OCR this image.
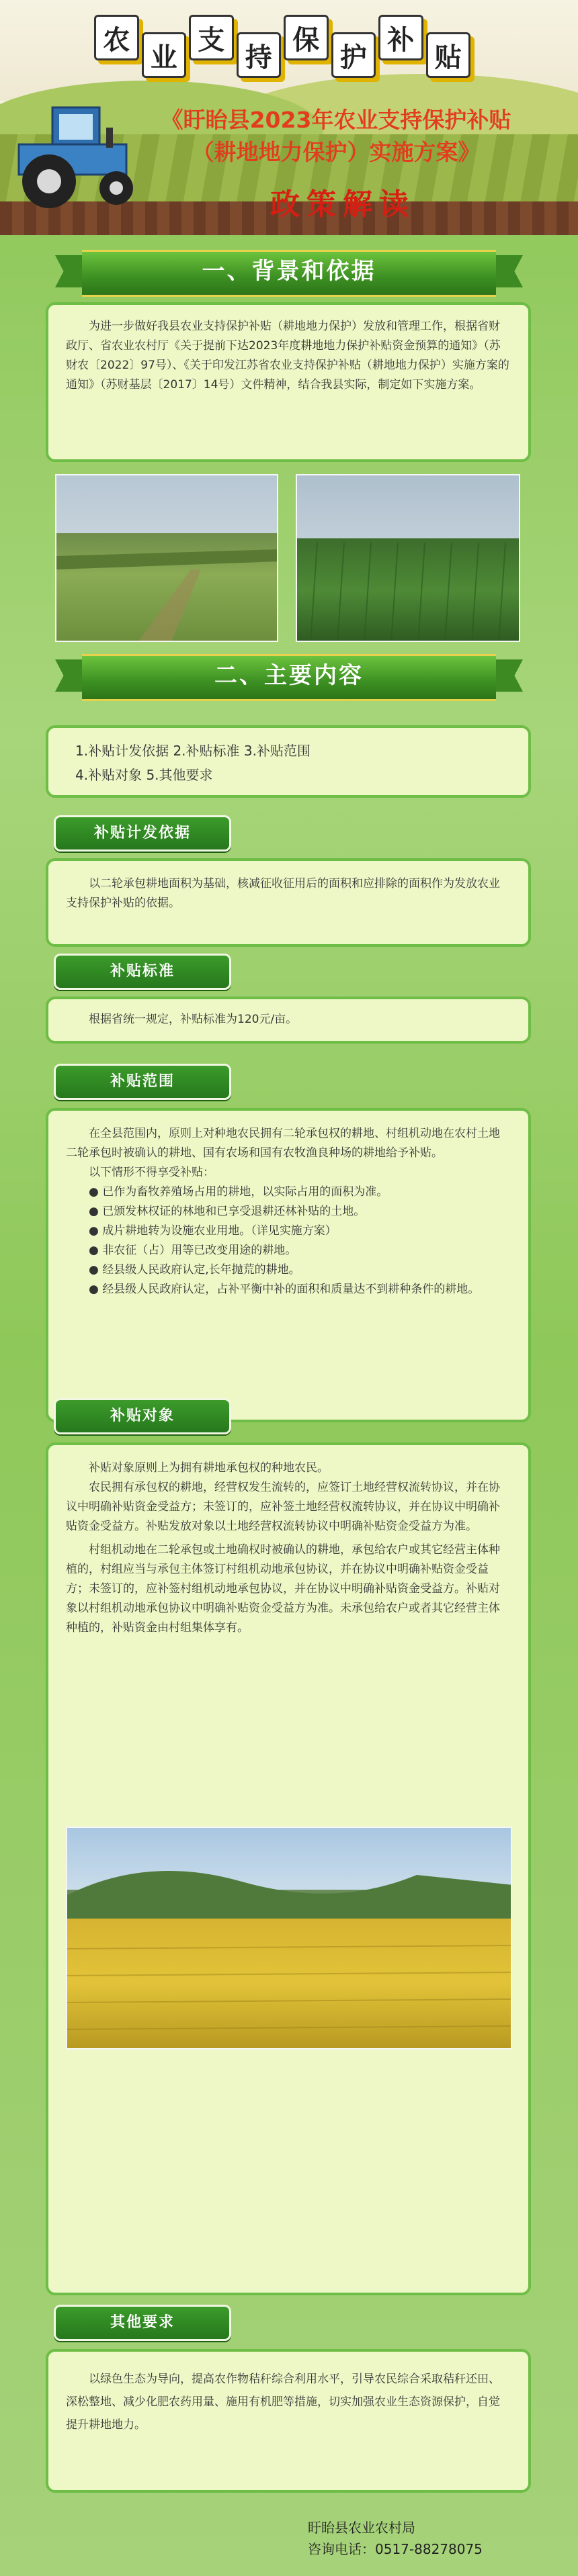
农
业
支
持
保
护
补
贴
《盱眙县2023年农业支持保护补贴
（耕地地力保护）实施方案》
政策解读
一、背景和依据

为进一步做好我县农业支持保护补贴（耕地地力保护）发放和管理工作，根据省财政厅、省农业农村厅《关于提前下达2023年度耕地地力保护补贴资金预算的通知》（苏财农〔2022〕97号）、《关于印发江苏省农业支持保护补贴（耕地地力保护）实施方案的通知》（苏财基层〔2017〕14号）文件精神，结合我县实际，制定如下实施方案。

二、主要内容
1.补贴计发依据 2.补贴标准 3.补贴范围
4.补贴对象 5.其他要求
补贴计发依据

以二轮承包耕地面积为基础，核减征收征用后的面积和应排除的面积作为发放农业支持保护补贴的依据。

补贴标准

根据省统一规定，补贴标准为120元/亩。

补贴范围

在全县范围内，原则上对种地农民拥有二轮承包权的耕地、村组机动地在农村土地二轮承包时被确认的耕地、国有农场和国有农牧渔良种场的耕地给予补贴。

以下情形不得享受补贴：

● 已作为畜牧养殖场占用的耕地，以实际占用的面积为准。

● 已颁发林权证的林地和已享受退耕还林补贴的土地。

● 成片耕地转为设施农业用地。（详见实施方案）

● 非农征（占）用等已改变用途的耕地。

● 经县级人民政府认定,长年抛荒的耕地。

● 经县级人民政府认定，占补平衡中补的面积和质量达不到耕种条件的耕地。

补贴对象

补贴对象原则上为拥有耕地承包权的种地农民。

农民拥有承包权的耕地，经营权发生流转的，应签订土地经营权流转协议，并在协议中明确补贴资金受益方；未签订的，应补签土地经营权流转协议，并在协议中明确补贴资金受益方。补贴发放对象以土地经营权流转协议中明确补贴资金受益方为准。

村组机动地在二轮承包或土地确权时被确认的耕地，承包给农户或其它经营主体种植的，村组应当与承包主体签订村组机动地承包协议，并在协议中明确补贴资金受益方；未签订的，应补签村组机动地承包协议，并在协议中明确补贴资金受益方。补贴对象以村组机动地承包协议中明确补贴资金受益方为准。未承包给农户或者其它经营主体种植的，补贴资金由村组集体享有。

其他要求

以绿色生态为导向，提高农作物秸秆综合利用水平，引导农民综合采取秸秆还田、深松整地、减少化肥农药用量、施用有机肥等措施，切实加强农业生态资源保护，自觉提升耕地地力。

盱眙县农业农村局
咨询电话：0517-88278075
